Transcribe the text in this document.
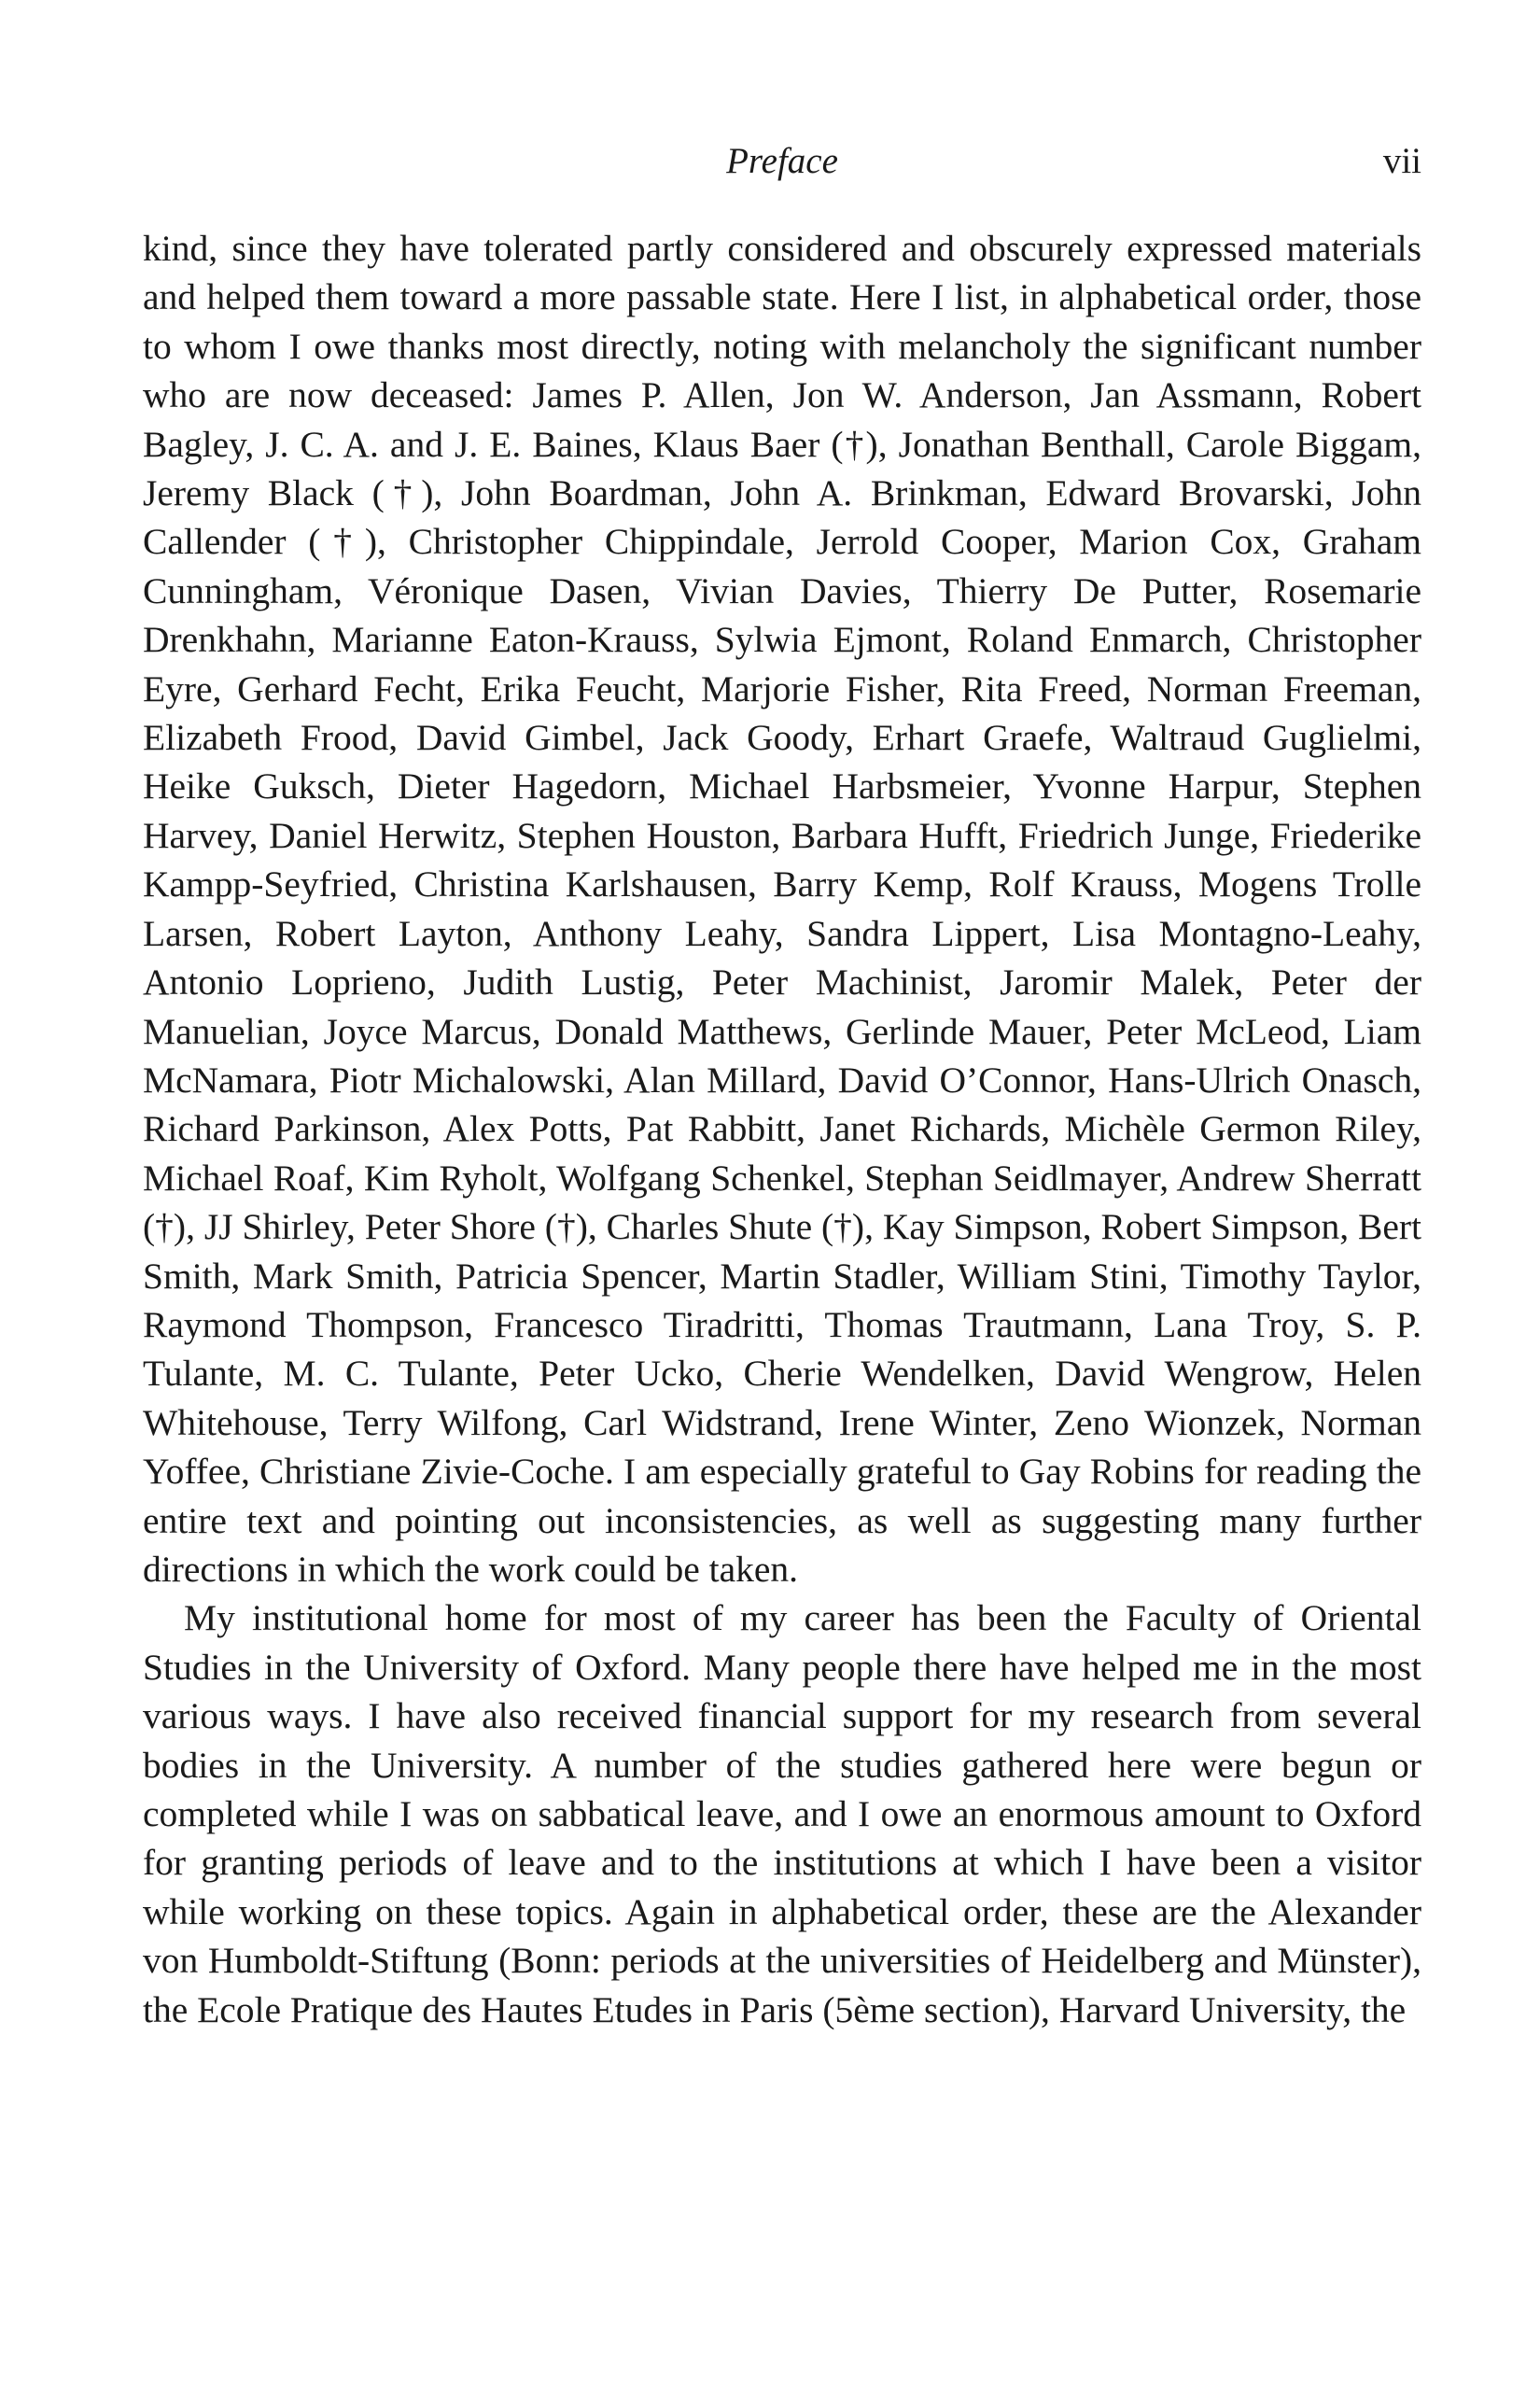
Preface	vii

kind, since they have tolerated partly considered and obscurely expressed materials and helped them toward a more passable state. Here I list, in alphabetical order, those to whom I owe thanks most directly, noting with melancholy the significant number who are now deceased: James P. Allen, Jon W. Anderson, Jan Assmann, Robert Bagley, J. C. A. and J. E. Baines, Klaus Baer (†), Jonathan Benthall, Carole Biggam, Jeremy Black (†), John Boardman, John A. Brinkman, Edward Brovarski, John Callender (†), Christopher Chippindale, Jerrold Cooper, Marion Cox, Graham Cunningham, Véronique Dasen, Vivian Davies, Thierry De Putter, Rosemarie Drenkhahn, Marianne Eaton-Krauss, Sylwia Ejmont, Roland Enmarch, Christopher Eyre, Gerhard Fecht, Erika Feucht, Marjorie Fisher, Rita Freed, Norman Freeman, Elizabeth Frood, David Gimbel, Jack Goody, Erhart Graefe, Waltraud Guglielmi, Heike Guksch, Dieter Hagedorn, Michael Harbsmeier, Yvonne Harpur, Stephen Harvey, Daniel Herwitz, Stephen Houston, Barbara Hufft, Friedrich Junge, Friederike Kampp-Seyfried, Christina Karlshausen, Barry Kemp, Rolf Krauss, Mogens Trolle Larsen, Robert Layton, Anthony Leahy, Sandra Lippert, Lisa Montagno-Leahy, Antonio Loprieno, Judith Lustig, Peter Machinist, Jaromir Malek, Peter der Manuelian, Joyce Marcus, Donald Matthews, Gerlinde Mauer, Peter McLeod, Liam McNamara, Piotr Michalowski, Alan Millard, David O’Connor, Hans-Ulrich Onasch, Richard Parkinson, Alex Potts, Pat Rabbitt, Janet Richards, Michèle Germon Riley, Michael Roaf, Kim Ryholt, Wolfgang Schenkel, Stephan Seidlmayer, Andrew Sherratt (†), JJ Shirley, Peter Shore (†), Charles Shute (†), Kay Simpson, Robert Simpson, Bert Smith, Mark Smith, Patricia Spencer, Martin Stadler, William Stini, Timothy Taylor, Raymond Thompson, Francesco Tiradritti, Thomas Trautmann, Lana Troy, S. P. Tulante, M. C. Tulante, Peter Ucko, Cherie Wendelken, David Wengrow, Helen Whitehouse, Terry Wilfong, Carl Widstrand, Irene Winter, Zeno Wionzek, Norman Yoffee, Christiane Zivie-Coche. I am especially grateful to Gay Robins for reading the entire text and pointing out inconsistencies, as well as suggesting many further directions in which the work could be taken.

My institutional home for most of my career has been the Faculty of Oriental Studies in the University of Oxford. Many people there have helped me in the most various ways. I have also received financial support for my research from several bodies in the University. A number of the studies gathered here were begun or completed while I was on sabbatical leave, and I owe an enormous amount to Oxford for granting periods of leave and to the institutions at which I have been a visitor while working on these topics. Again in alphabetical order, these are the Alexander von Humboldt-Stiftung (Bonn: periods at the universities of Heidelberg and Münster), the Ecole Pratique des Hautes Etudes in Paris (5ème section), Harvard University, the
